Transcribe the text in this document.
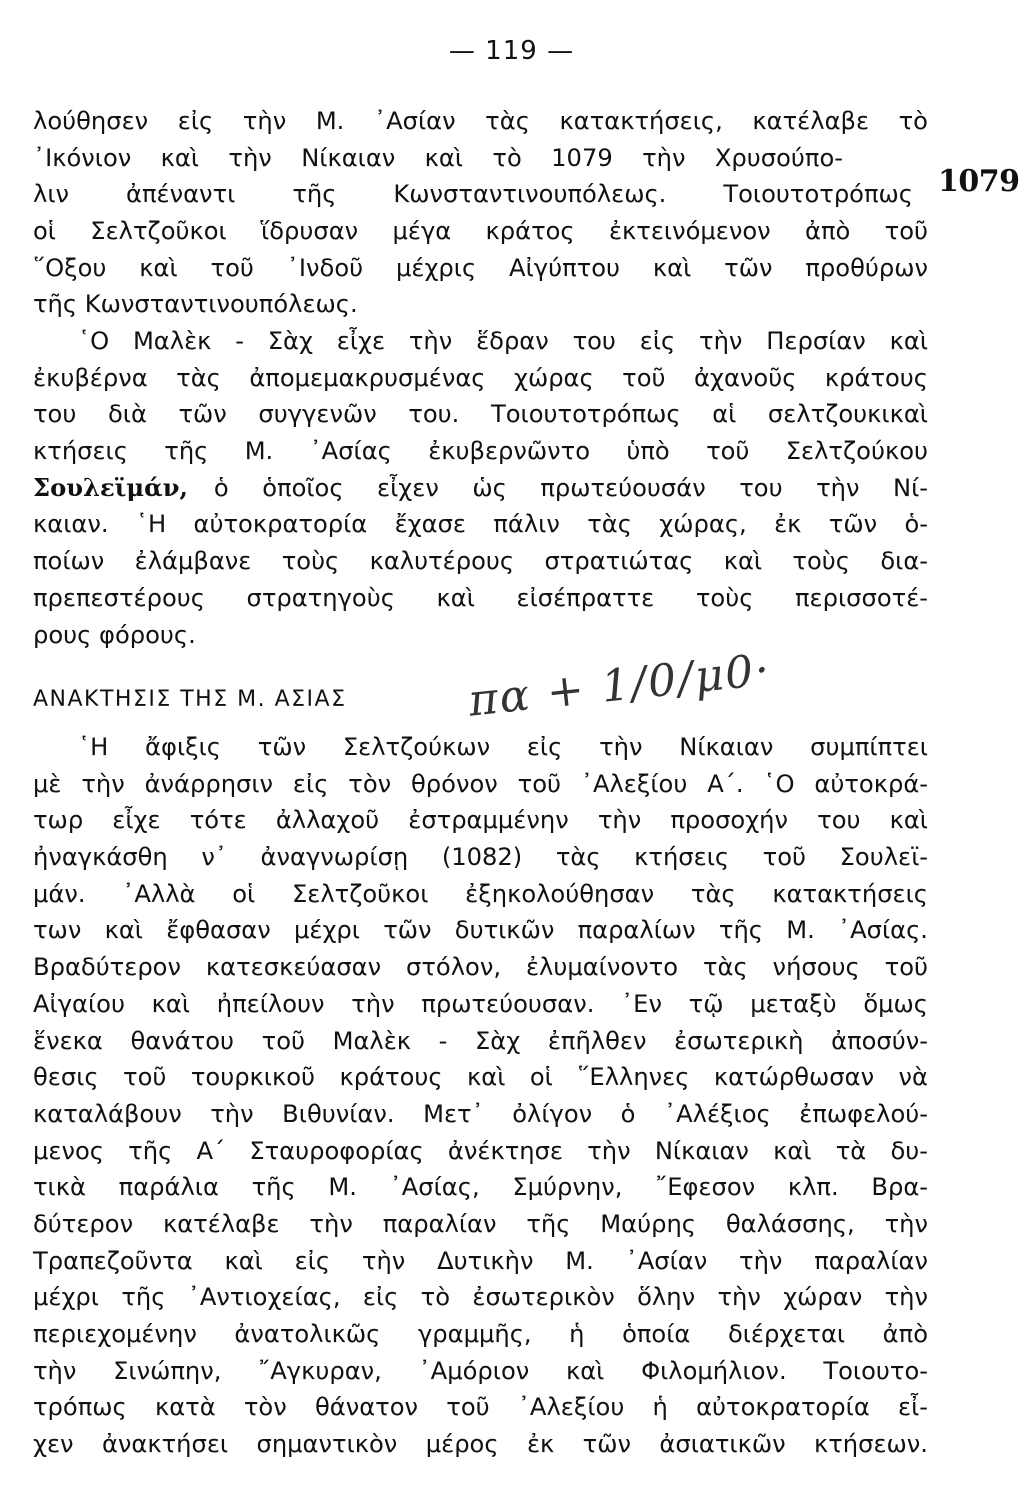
— 119 —
1079
λούθησεν εἰς τὴν Μ. ᾿Ασίαν τὰς κατακτήσεις, κατέλαβε τὸ
᾿Ικόνιον καὶ τὴν Νίκαιαν καὶ τὸ 1079 τὴν Χρυσούπο-
λιν ἀπέναντι τῆς Κωνσταντινουπόλεως. Τοιουτοτρόπως
οἱ Σελτζοῦκοι ἵδρυσαν μέγα κράτος ἐκτεινόμενον ἀπὸ τοῦ
῞Οξου καὶ τοῦ ᾿Ινδοῦ μέχρις Αἰγύπτου καὶ τῶν προθύρων
τῆς Κωνσταντινουπόλεως.
῾Ο Μαλὲκ - Σὰχ εἶχε τὴν ἕδραν του εἰς τὴν Περσίαν καὶ
ἐκυβέρνα τὰς ἀπομεμακρυσμένας χώρας τοῦ ἀχανοῦς κράτους
του διὰ τῶν συγγενῶν του. Τοιουτοτρόπως αἱ σελτζουκικαὶ
κτήσεις τῆς Μ. ᾿Ασίας ἐκυβερνῶντο ὑπὸ τοῦ Σελτζούκου
Σουλεϊμάν, ὁ ὁποῖος εἶχεν ὡς πρωτεύουσάν του τὴν Νί-
καιαν. ῾Η αὐτοκρατορία ἔχασε πάλιν τὰς χώρας, ἐκ τῶν ὁ-
ποίων ἐλάμβανε τοὺς καλυτέρους στρατιώτας καὶ τοὺς δια-
πρεπεστέρους στρατηγοὺς καὶ εἰσέπραττε τοὺς περισσοτέ-
ρους φόρους.
ΑΝΑΚΤΗΣΙΣ ΤΗΣ Μ. ΑΣΙΑΣ	πα + 1/0/μ0·
῾Η ἄφιξις τῶν Σελτζούκων εἰς τὴν Νίκαιαν συμπίπτει
μὲ τὴν ἀνάρρησιν εἰς τὸν θρόνον τοῦ ᾿Αλεξίου Α΄. ῾Ο αὐτοκρά-
τωρ εἶχε τότε ἀλλαχοῦ ἐστραμμένην τὴν προσοχήν του καὶ
ἠναγκάσθη ν᾿ ἀναγνωρίσῃ (1082) τὰς κτήσεις τοῦ Σουλεϊ-
μάν. ᾿Αλλὰ οἱ Σελτζοῦκοι ἐξηκολούθησαν τὰς κατακτήσεις
των καὶ ἔφθασαν μέχρι τῶν δυτικῶν παραλίων τῆς Μ. ᾿Ασίας.
Βραδύτερον κατεσκεύασαν στόλον, ἐλυμαίνοντο τὰς νήσους τοῦ
Αἰγαίου καὶ ἠπείλουν τὴν πρωτεύουσαν. ᾿Εν τῷ μεταξὺ ὅμως
ἕνεκα θανάτου τοῦ Μαλὲκ - Σὰχ ἐπῆλθεν ἐσωτερικὴ ἀποσύν-
θεσις τοῦ τουρκικοῦ κράτους καὶ οἱ ῞Ελληνες κατώρθωσαν νὰ
καταλάβουν τὴν Βιθυνίαν. Μετ᾿ ὀλίγον ὁ ᾿Αλέξιος ἐπωφελού-
μενος τῆς Α΄ Σταυροφορίας ἀνέκτησε τὴν Νίκαιαν καὶ τὰ δυ-
τικὰ παράλια τῆς Μ. ᾿Ασίας, Σμύρνην, ῎Εφεσον κλπ. Βρα-
δύτερον κατέλαβε τὴν παραλίαν τῆς Μαύρης θαλάσσης, τὴν
Τραπεζοῦντα καὶ εἰς τὴν Δυτικὴν Μ. ᾿Ασίαν τὴν παραλίαν
μέχρι τῆς ᾿Αντιοχείας, εἰς τὸ ἐσωτερικὸν ὅλην τὴν χώραν τὴν
περιεχομένην ἀνατολικῶς γραμμῆς, ἡ ὁποία διέρχεται ἀπὸ
τὴν Σινώπην, ῎Αγκυραν, ᾿Αμόριον καὶ Φιλομήλιον. Τοιουτο-
τρόπως κατὰ τὸν θάνατον τοῦ ᾿Αλεξίου ἡ αὐτοκρατορία εἶ-
χεν ἀνακτήσει σημαντικὸν μέρος ἐκ τῶν ἀσιατικῶν κτήσεων.
